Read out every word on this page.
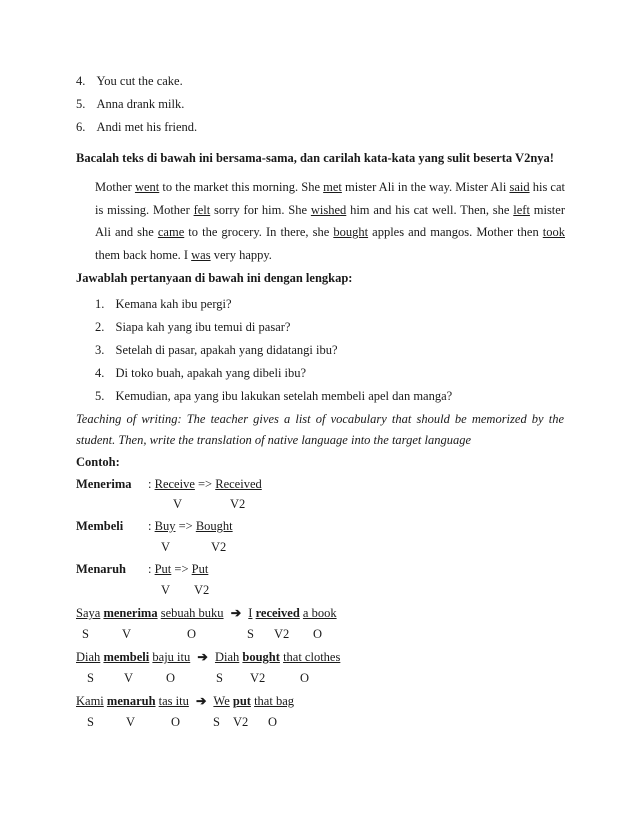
4. You cut the cake.
5. Anna drank milk.
6. Andi met his friend.
Bacalah teks di bawah ini bersama-sama, dan carilah kata-kata yang sulit beserta V2nya!
Mother went to the market this morning. She met mister Ali in the way. Mister Ali said his cat is missing. Mother felt sorry for him. She wished him and his cat well. Then, she left mister Ali and she came to the grocery. In there, she bought apples and mangos. Mother then took them back home. I was very happy.
Jawablah pertanyaan di bawah ini dengan lengkap:
1. Kemana kah ibu pergi?
2. Siapa kah yang ibu temui di pasar?
3. Setelah di pasar, apakah yang didatangi ibu?
4. Di toko buah, apakah yang dibeli ibu?
5. Kemudian, apa yang ibu lakukan setelah membeli apel dan manga?
Teaching of writing: The teacher gives a list of vocabulary that should be memorized by the student. Then, write the translation of native language into the target language
Contoh:
Menerima : Receive => Received
V	V2
Membeli : Buy => Bought
V	V2
Menaruh : Put => Put
V V2
Saya menerima sebuah buku ➔ I received a book
S	V	O	S V2 O
Diah membeli baju itu ➔ Diah bought that clothes
S V	O	S V2	O
Kami menaruh tas itu ➔ We put that bag
S	V	O	S V2 O
